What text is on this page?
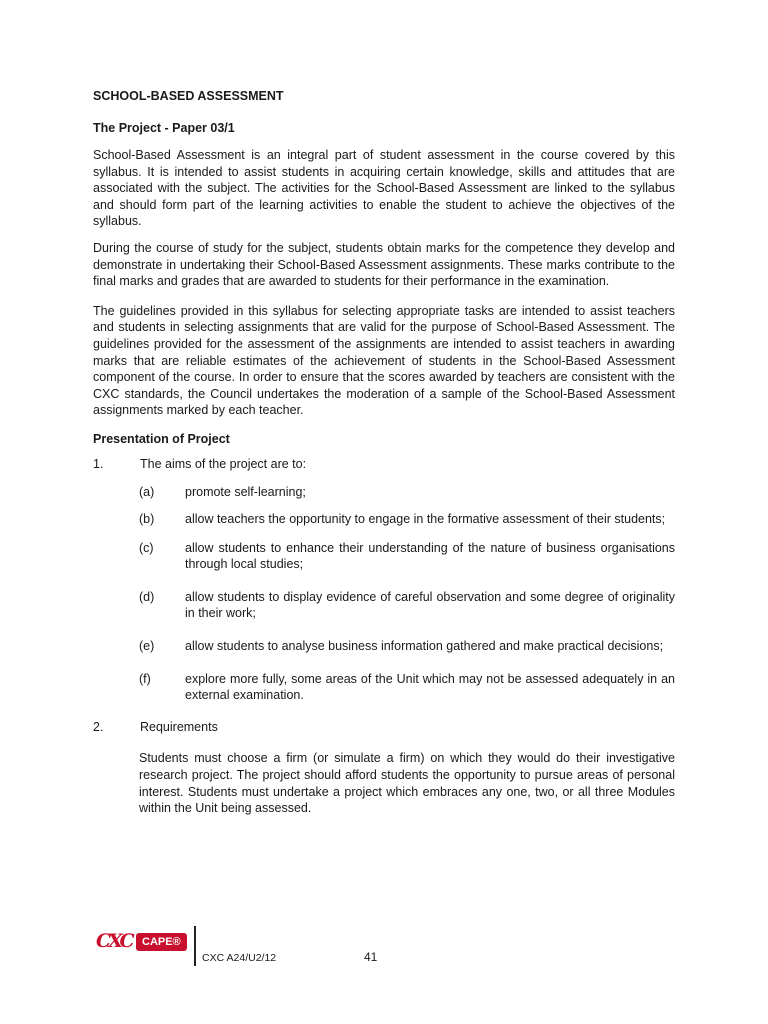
SCHOOL-BASED ASSESSMENT

The Project - Paper 03/1

School-Based Assessment is an integral part of student assessment in the course covered by this syllabus. It is intended to assist students in acquiring certain knowledge, skills and attitudes that are associated with the subject. The activities for the School-Based Assessment are linked to the syllabus and should form part of the learning activities to enable the student to achieve the objectives of the syllabus.

During the course of study for the subject, students obtain marks for the competence they develop and demonstrate in undertaking their School-Based Assessment assignments. These marks contribute to the final marks and grades that are awarded to students for their performance in the examination.

The guidelines provided in this syllabus for selecting appropriate tasks are intended to assist teachers and students in selecting assignments that are valid for the purpose of School-Based Assessment. The guidelines provided for the assessment of the assignments are intended to assist teachers in awarding marks that are reliable estimates of the achievement of students in the School-Based Assessment component of the course. In order to ensure that the scores awarded by teachers are consistent with the CXC standards, the Council undertakes the moderation of a sample of the School-Based Assessment assignments marked by each teacher.

Presentation of Project

1.	The aims of the project are to:
(a) promote self-learning;
(b) allow teachers the opportunity to engage in the formative assessment of their students;
(c)	allow students to enhance their understanding of the nature of business organisations through local studies;
(d) allow students to display evidence of careful observation and some degree of originality in their work;
(e) allow students to analyse business information gathered and make practical decisions;
(f)	explore more fully, some areas of the Unit which may not be assessed adequately in an external examination.
2.	Requirements

Students must choose a firm (or simulate a firm) on which they would do their investigative research project. The project should afford students the opportunity to pursue areas of personal interest. Students must undertake a project which embraces any one, two, or all three Modules within the Unit being assessed.

CXC CAPE®
CXC A24/U2/12	41
